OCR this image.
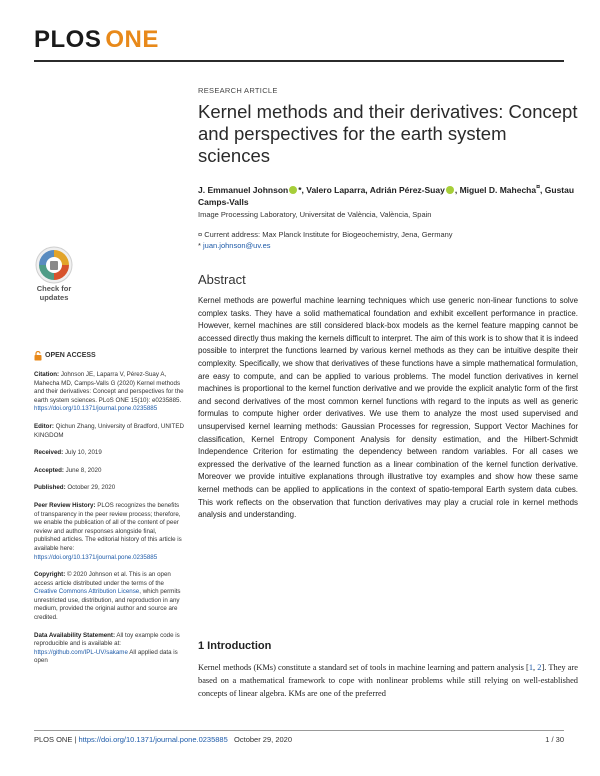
PLOS ONE
RESEARCH ARTICLE
Kernel methods and their derivatives: Concept and perspectives for the earth system sciences
J. Emmanuel Johnson *, Valero Laparra, Adrián Pérez-Suay , Miguel D. Mahecha¤, Gustau Camps-Valls
Image Processing Laboratory, Universitat de València, València, Spain
¤ Current address: Max Planck Institute for Biogeochemistry, Jena, Germany
* juan.johnson@uv.es
Check for
updates
OPEN ACCESS

Citation: Johnson JE, Laparra V, Pérez-Suay A, Mahecha MD, Camps-Valls G (2020) Kernel methods and their derivatives: Concept and perspectives for the earth system sciences. PLoS ONE 15(10): e0235885. https://doi.org/10.1371/journal.pone.0235885

Editor: Qichun Zhang, University of Bradford, UNITED KINGDOM

Received: July 10, 2019

Accepted: June 8, 2020

Published: October 29, 2020

Peer Review History: PLOS recognizes the benefits of transparency in the peer review process; therefore, we enable the publication of all of the content of peer review and author responses alongside final, published articles. The editorial history of this article is available here: https://doi.org/10.1371/journal.pone.0235885

Copyright: © 2020 Johnson et al. This is an open access article distributed under the terms of the Creative Commons Attribution License, which permits unrestricted use, distribution, and reproduction in any medium, provided the original author and source are credited.

Data Availability Statement: All toy example code is reproducible and is available at: https://github.com/IPL-UV/sakame All applied data is open

Abstract
Kernel methods are powerful machine learning techniques which use generic non-linear functions to solve complex tasks. They have a solid mathematical foundation and exhibit excellent performance in practice. However, kernel machines are still considered black-box models as the kernel feature mapping cannot be accessed directly thus making the kernels difficult to interpret. The aim of this work is to show that it is indeed possible to interpret the functions learned by various kernel methods as they can be intuitive despite their complexity. Specifically, we show that derivatives of these functions have a simple mathematical formulation, are easy to compute, and can be applied to various problems. The model function derivatives in kernel machines is proportional to the kernel function derivative and we provide the explicit analytic form of the first and second derivatives of the most common kernel functions with regard to the inputs as well as generic formulas to compute higher order derivatives. We use them to analyze the most used supervised and unsupervised kernel learning methods: Gaussian Processes for regression, Support Vector Machines for classification, Kernel Entropy Component Analysis for density estimation, and the Hilbert-Schmidt Independence Criterion for estimating the dependency between random variables. For all cases we expressed the derivative of the learned function as a linear combination of the kernel function derivative. Moreover we provide intuitive explanations through illustrative toy examples and show how these same kernel methods can be applied to applications in the context of spatio-temporal Earth system data cubes. This work reflects on the observation that function derivatives may play a crucial role in kernel methods analysis and understanding.
1 Introduction
Kernel methods (KMs) constitute a standard set of tools in machine learning and pattern analysis [1, 2]. They are based on a mathematical framework to cope with nonlinear problems while still relying on well-established concepts of linear algebra. KMs are one of the preferred
PLOS ONE | https://doi.org/10.1371/journal.pone.0235885 October 29, 2020	1 / 30
